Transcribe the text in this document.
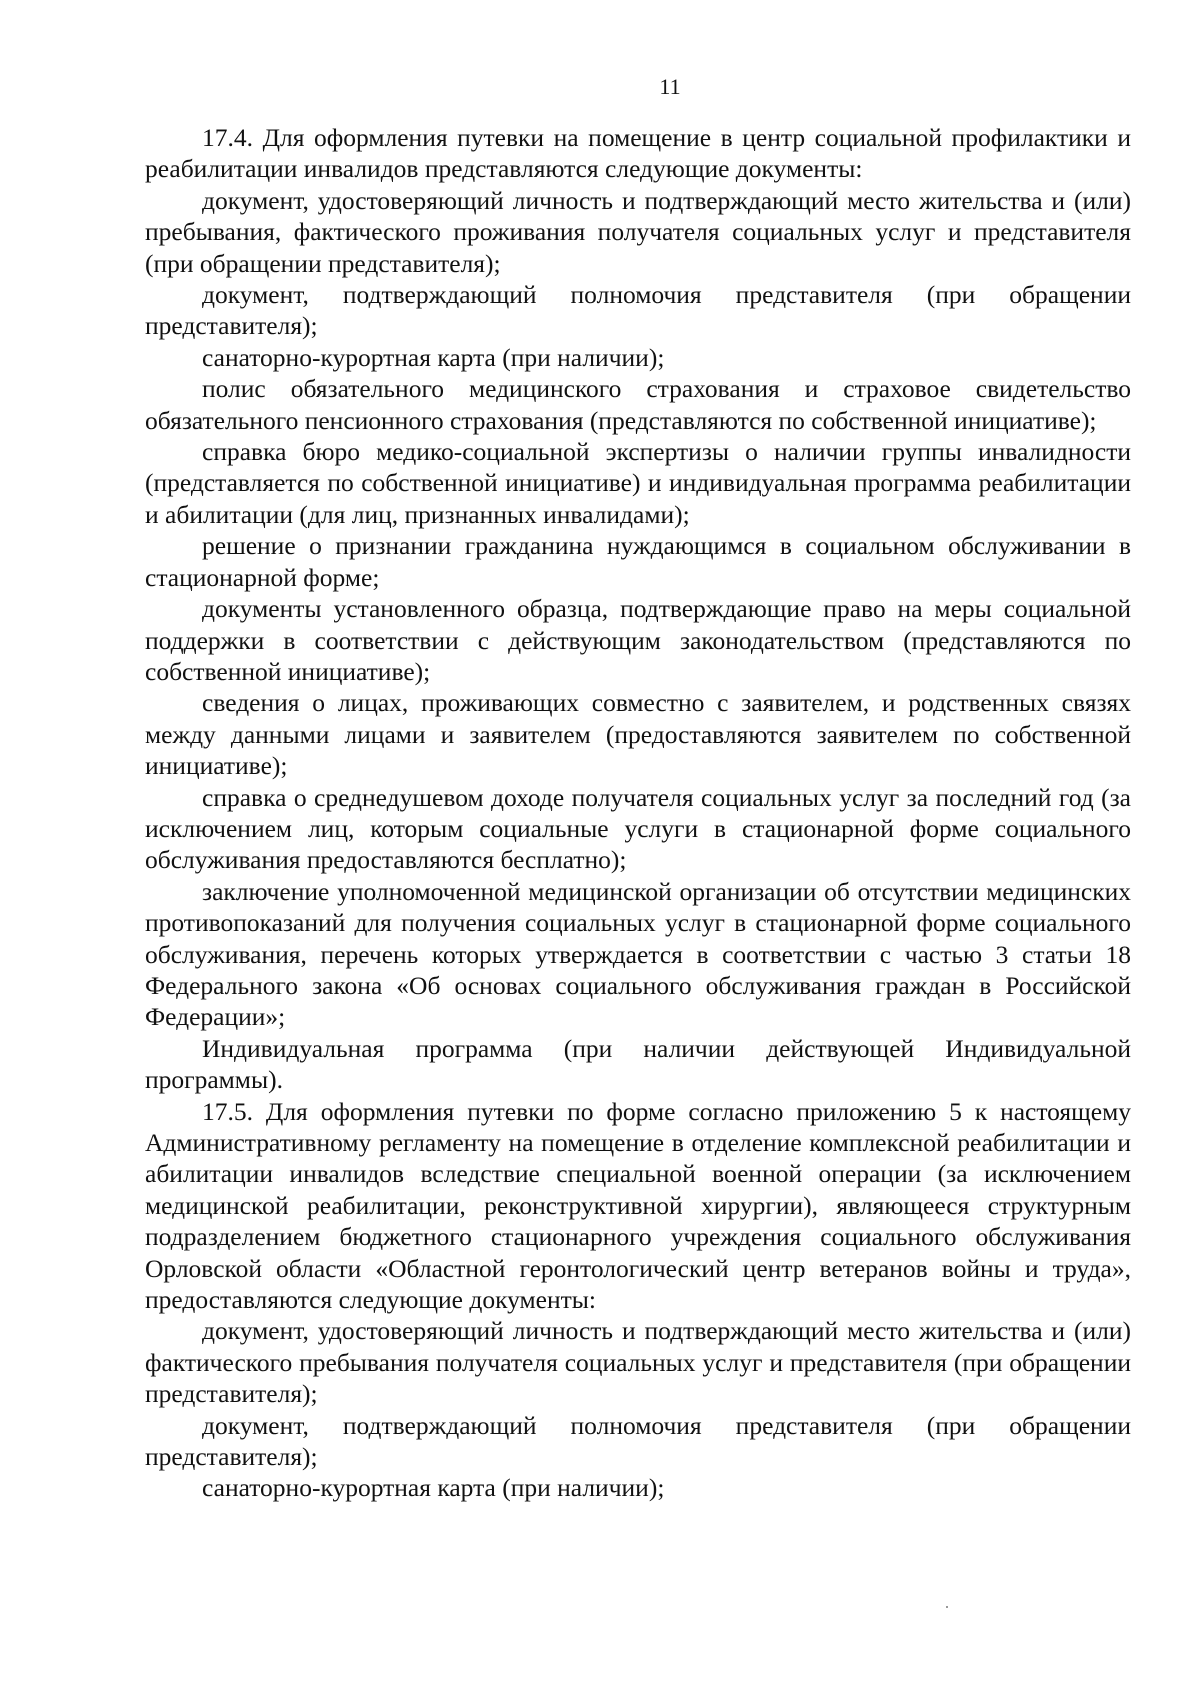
11

17.4. Для оформления путевки на помещение в центр социальной профилактики и реабилитации инвалидов представляются следующие документы:

документ, удостоверяющий личность и подтверждающий место жительства и (или) пребывания, фактического проживания получателя социальных услуг и представителя (при обращении представителя);

документ, подтверждающий полномочия представителя (при обращении представителя);

санаторно-курортная карта (при наличии);

полис обязательного медицинского страхования и страховое свидетельство обязательного пенсионного страхования (представляются по собственной инициативе);

справка бюро медико-социальной экспертизы о наличии группы инвалидности (представляется по собственной инициативе) и индивидуальная программа реабилитации и абилитации (для лиц, признанных инвалидами);

решение о признании гражданина нуждающимся в социальном обслуживании в стационарной форме;

документы установленного образца, подтверждающие право на меры социальной поддержки в соответствии с действующим законодательством (представляются по собственной инициативе);

сведения о лицах, проживающих совместно с заявителем, и родственных связях между данными лицами и заявителем (предоставляются заявителем по собственной инициативе);

справка о среднедушевом доходе получателя социальных услуг за последний год (за исключением лиц, которым социальные услуги в стационарной форме социального обслуживания предоставляются бесплатно);

заключение уполномоченной медицинской организации об отсутствии медицинских противопоказаний для получения социальных услуг в стационарной форме социального обслуживания, перечень которых утверждается в соответствии с частью 3 статьи 18 Федерального закона «Об основах социального обслуживания граждан в Российской Федерации»;

Индивидуальная программа (при наличии действующей Индивидуальной программы).

17.5. Для оформления путевки по форме согласно приложению 5 к настоящему Административному регламенту на помещение в отделение комплексной реабилитации и абилитации инвалидов вследствие специальной военной операции (за исключением медицинской реабилитации, реконструктивной хирургии), являющееся структурным подразделением бюджетного стационарного учреждения социального обслуживания Орловской области «Областной геронтологический центр ветеранов войны и труда», предоставляются следующие документы:

документ, удостоверяющий личность и подтверждающий место жительства и (или) фактического пребывания получателя социальных услуг и представителя (при обращении представителя);

документ, подтверждающий полномочия представителя (при обращении представителя);

санаторно-курортная карта (при наличии);
